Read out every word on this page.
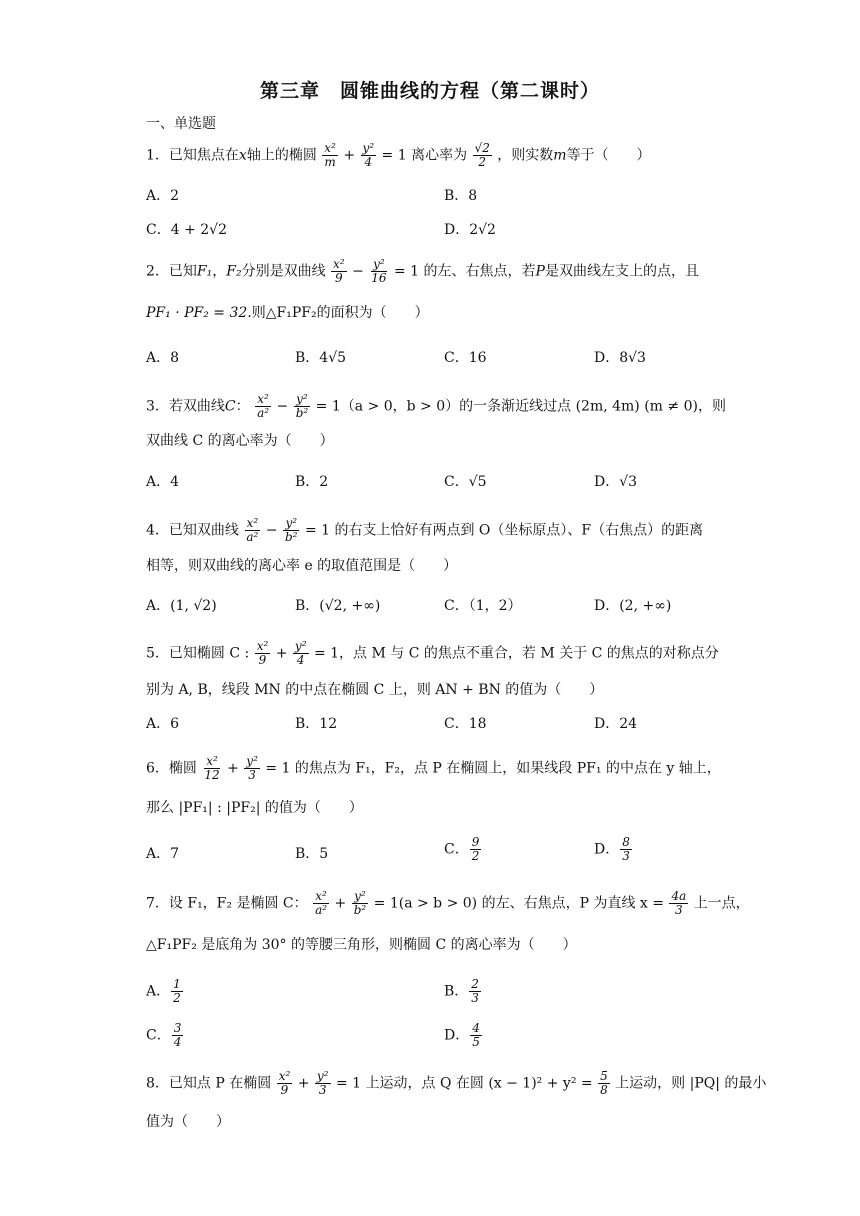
第三章　圆锥曲线的方程（第二课时）
一、单选题
1．已知焦点在x轴上的椭圆 $\frac{\text{x²}}{m} + \frac{\text{y²}}{4} = 1$ 离心率为 $\frac{√2}{2}$ ，则实数m等于（　　）
A．2	B．8
C．4 + 2√2	D．2√2
2．已知F₁，F₂分别是双曲线 $\frac{\text{x²}}{9} - \frac{\text{y²}}{16} = 1$ 的左、右焦点，若P是双曲线左支上的点，且
PF₁ · PF₂ = 32.则△F₁PF₂的面积为（　　）
A．8	B．4√5	C．16	D．8√3
3．若双曲线C： $\frac{\text{x²}}{\text{a²}} - \frac{\text{y²}}{\text{b²}} = 1(a > 0$，b > 0）的一条渐近线过点 (2m, 4m) (m ≠ 0)，则
双曲线 C 的离心率为（　　）
A．4	B．2	C．√5	D．√3
4．已知双曲线 $\frac{\text{x²}}{\text{a²}} - \frac{\text{y²}}{\text{b²}} = 1$ 的右支上恰好有两点到 O（坐标原点）、F（右焦点）的距离
相等，则双曲线的离心率 e 的取值范围是（　　）
A．(1, √2)	B．(√2, +∞)	C．（1，2）	D．(2, +∞)
5．已知椭圆 C : $\frac{\text{x²}}{9} + \frac{\text{y²}}{4} = 1$，点 M 与 C 的焦点不重合，若 M 关于 C 的焦点的对称点分
别为 A, B，线段 MN 的中点在椭圆 C 上，则 AN + BN 的值为（　　）
A．6	B．12	C．18	D．24
6．椭圆 $\frac{\text{x²}}{12} + \frac{\text{y²}}{3} = 1$ 的焦点为 F₁，F₂，点 P 在椭圆上，如果线段 PF₁ 的中点在 y 轴上，
那么 |PF₁| : |PF₂| 的值为（　　）
A．7	B．5	C． $\frac{9}{2}$	D． $\frac{8}{3}$
7．设 F₁，F₂ 是椭圆 C： $\frac{\text{x²}}{\text{a²}} + \frac{\text{y²}}{\text{b²}} = 1(a > b > 0)$ 的左、右焦点，P 为直线 $x = \frac{4a}{3}$ 上一点，
△F₁PF₂ 是底角为 30° 的等腰三角形，则椭圆 C 的离心率为（　　）
A． $\frac{1}{2}$	B． $\frac{2}{3}$
C． $\frac{3}{4}$	D． $\frac{4}{5}$
8．已知点 P 在椭圆 $\frac{\text{x²}}{9} + \frac{\text{y²}}{3} = 1$ 上运动，点 Q 在圆 $(x - 1)^2 + y^2 = \frac{5}{8}$ 上运动，则 |PQ| 的最小
值为（　　）
